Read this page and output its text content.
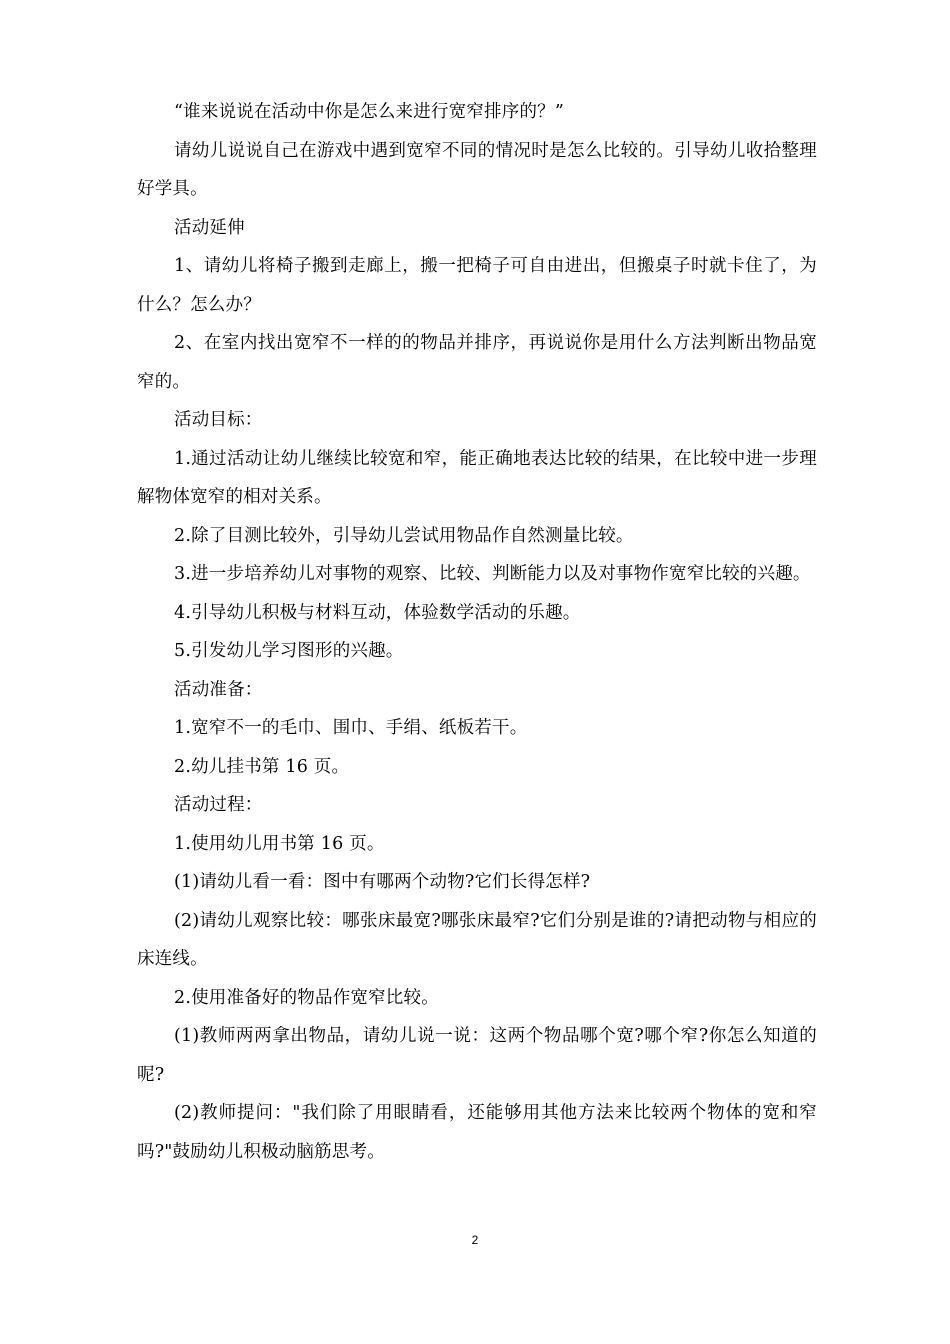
“谁来说说在活动中你是怎么来进行宽窄排序的？”

请幼儿说说自己在游戏中遇到宽窄不同的情况时是怎么比较的。引导幼儿收拾整理好学具。

活动延伸

1、请幼儿将椅子搬到走廊上，搬一把椅子可自由进出，但搬桌子时就卡住了，为什么？怎么办？

2、在室内找出宽窄不一样的的物品并排序，再说说你是用什么方法判断出物品宽窄的。

活动目标：

1.通过活动让幼儿继续比较宽和窄，能正确地表达比较的结果，在比较中进一步理解物体宽窄的相对关系。

2.除了目测比较外，引导幼儿尝试用物品作自然测量比较。

3.进一步培养幼儿对事物的观察、比较、判断能力以及对事物作宽窄比较的兴趣。

4.引导幼儿积极与材料互动，体验数学活动的乐趣。

5.引发幼儿学习图形的兴趣。

活动准备：

1.宽窄不一的毛巾、围巾、手绢、纸板若干。

2.幼儿挂书第 16 页。

活动过程：

1.使用幼儿用书第 16 页。

(1)请幼儿看一看：图中有哪两个动物?它们长得怎样?

(2)请幼儿观察比较：哪张床最宽?哪张床最窄?它们分别是谁的?请把动物与相应的床连线。

2.使用准备好的物品作宽窄比较。

(1)教师两两拿出物品，请幼儿说一说：这两个物品哪个宽?哪个窄?你怎么知道的呢?

(2)教师提问："我们除了用眼睛看，还能够用其他方法来比较两个物体的宽和窄吗?"鼓励幼儿积极动脑筋思考。

2
